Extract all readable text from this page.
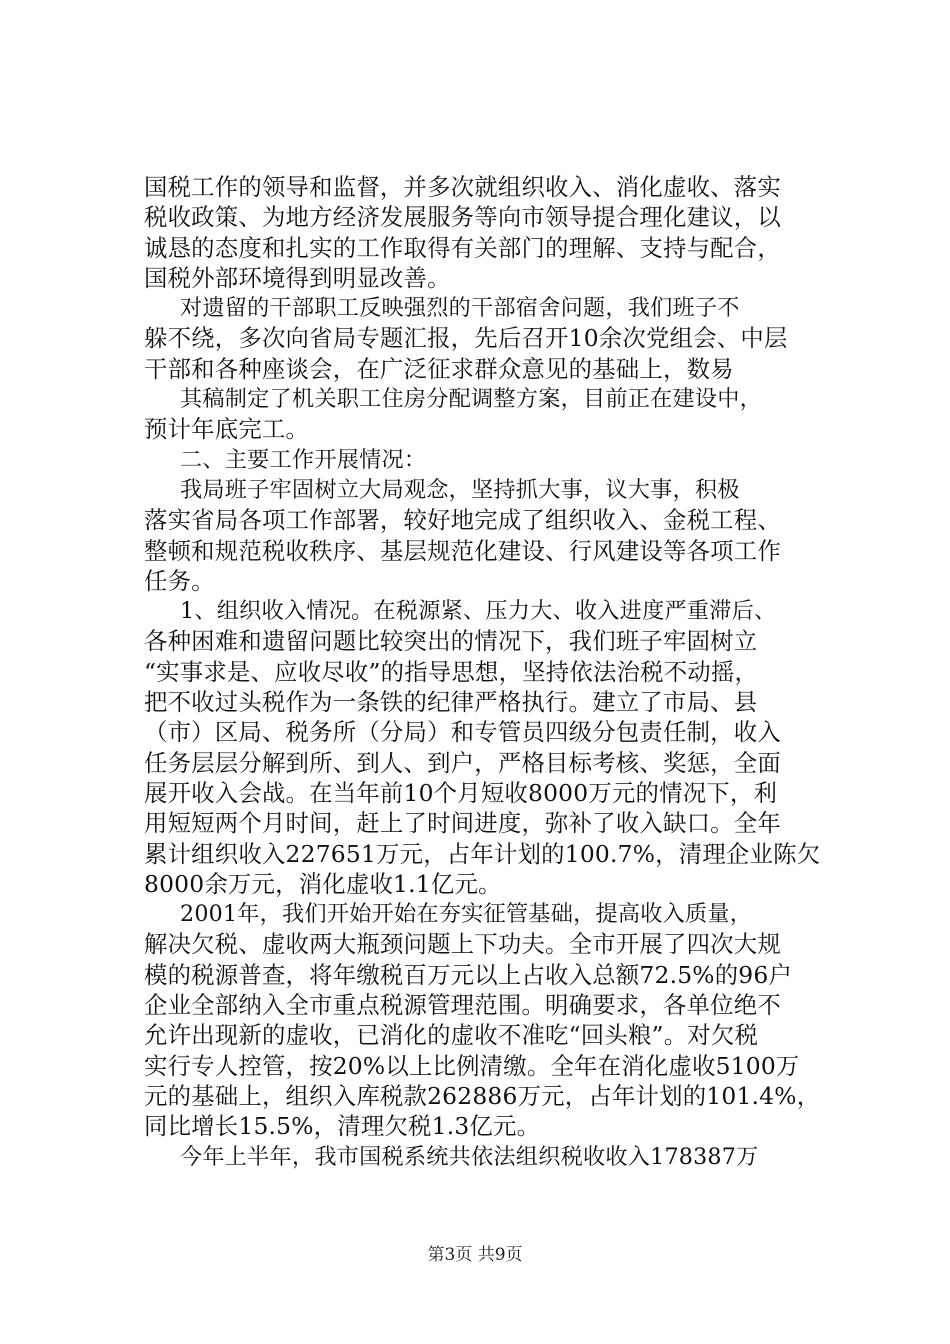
国税工作的领导和监督，并多次就组织收入、消化虚收、落实
税收政策、为地方经济发展服务等向市领导提合理化建议，以
诚恳的态度和扎实的工作取得有关部门的理解、支持与配合，
国税外部环境得到明显改善。
对遗留的干部职工反映强烈的干部宿舍问题，我们班子不
躲不绕，多次向省局专题汇报，先后召开10余次党组会、中层
干部和各种座谈会，在广泛征求群众意见的基础上，数易
其稿制定了机关职工住房分配调整方案，目前正在建设中，
预计年底完工。
二、主要工作开展情况：
我局班子牢固树立大局观念，坚持抓大事，议大事，积极
落实省局各项工作部署，较好地完成了组织收入、金税工程、
整顿和规范税收秩序、基层规范化建设、行风建设等各项工作
任务。
1、组织收入情况。在税源紧、压力大、收入进度严重滞后、
各种困难和遗留问题比较突出的情况下，我们班子牢固树立
“实事求是、应收尽收”的指导思想，坚持依法治税不动摇，
把不收过头税作为一条铁的纪律严格执行。建立了市局、县
（市）区局、税务所（分局）和专管员四级分包责任制，收入
任务层层分解到所、到人、到户，严格目标考核、奖惩，全面
展开收入会战。在当年前10个月短收8000万元的情况下，利
用短短两个月时间，赶上了时间进度，弥补了收入缺口。全年
累计组织收入227651万元，占年计划的100.7%，清理企业陈欠
8000余万元，消化虚收1.1亿元。
2001年，我们开始开始在夯实征管基础，提高收入质量，
解决欠税、虚收两大瓶颈问题上下功夫。全市开展了四次大规
模的税源普查，将年缴税百万元以上占收入总额72.5%的96户
企业全部纳入全市重点税源管理范围。明确要求，各单位绝不
允许出现新的虚收，已消化的虚收不准吃“回头粮”。对欠税
实行专人控管，按20%以上比例清缴。全年在消化虚收5100万
元的基础上，组织入库税款262886万元，占年计划的101.4%，
同比增长15.5%，清理欠税1.3亿元。
今年上半年，我市国税系统共依法组织税收收入178387万
第3页 共9页
